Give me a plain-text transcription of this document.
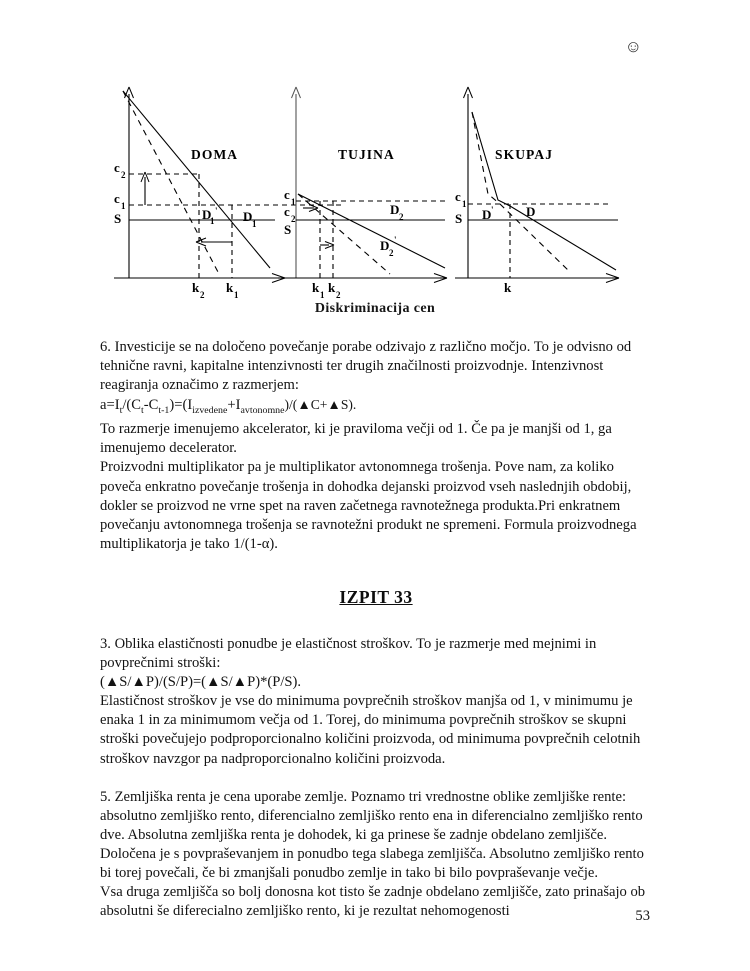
☺
DOMA
c 2
c 1
S	D
1
' D 1
k 2 k 1
TUJINA
c 1
c 2
S
D 2
D 2
'
k 1 k 2
SKUPAJ
c 1
S D ' D
k
Diskriminacija cen

6. Investicije se na določeno povečanje porabe odzivajo z različno močjo. To je odvisno od tehnične ravni, kapitalne intenzivnosti ter drugih značilnosti proizvodnje. Intenzivnost reagiranja označimo z razmerjem:

$a=I_t/(C_t-C_{t-1})=(I_{izvedene}+I_{avtonomne})/(▲C+▲S)$.

To razmerje imenujemo akcelerator, ki je praviloma večji od 1. Če pa je manjši od 1, ga imenujemo decelerator.

Proizvodni multiplikator pa je multiplikator avtonomnega trošenja. Pove nam, za koliko poveča enkratno povečanje trošenja in dohodka dejanski proizvod vseh naslednjih obdobij, dokler se proizvod ne vrne spet na raven začetnega ravnotežnega produkta.Pri enkratnem povečanju avtonomnega trošenja se ravnotežni produkt ne spremeni. Formula proizvodnega multiplikatorja je tako 1/(1-α).

IZPIT 33

3. Oblika elastičnosti ponudbe je elastičnost stroškov. To je razmerje med mejnimi in povprečnimi stroški:

(▲S/▲P)/(S/P)=(▲S/▲P)*(P/S).

Elastičnost stroškov je vse do minimuma povprečnih stroškov manjša od 1, v minimumu je enaka 1 in za minimumom večja od 1. Torej, do minimuma povprečnih stroškov se skupni stroški povečujejo podproporcionalno količini proizvoda, od minimuma povprečnih celotnih stroškov navzgor pa nadproporcionalno količini proizvoda.

5. Zemljiška renta je cena uporabe zemlje. Poznamo tri vrednostne oblike zemljiške rente: absolutno zemljiško rento, diferencialno zemljiško rento ena in diferencialno zemljiško rento dve. Absolutna zemljiška renta je dohodek, ki ga prinese še zadnje obdelano zemljišče. Določena je s povpraševanjem in ponudbo tega slabega zemljišča. Absolutno zemljiško rento bi torej povečali, če bi zmanjšali ponudbo zemlje in tako bi bilo povpraševanje večje.

Vsa druga zemljišča so bolj donosna kot tisto še zadnje obdelano zemljišče, zato prinašajo ob absolutni še diferecialno zemljiško rento, ki je rezultat nehomogenosti	53
